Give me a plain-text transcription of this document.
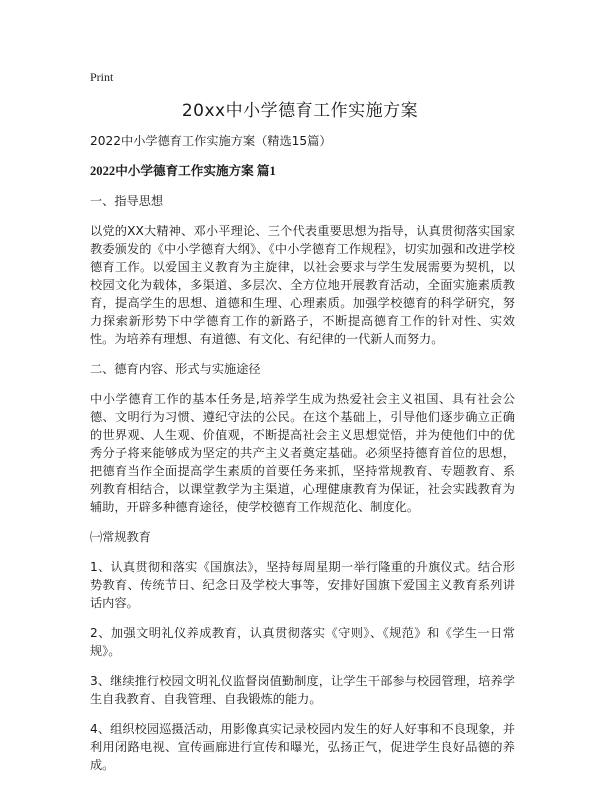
Print
20xx中小学德育工作实施方案

2022中小学德育工作实施方案（精选15篇）

2022中小学德育工作实施方案 篇1

一、指导思想

以党的XX大精神、邓小平理论、三个代表重要思想为指导，认真贯彻落实国家教委颁发的《中小学德育大纲》、《中小学德育工作规程》，切实加强和改进学校德育工作。以爱国主义教育为主旋律，以社会要求与学生发展需要为契机，以校园文化为载体，多渠道、多层次、全方位地开展教育活动，全面实施素质教育，提高学生的思想、道德和生理、心理素质。加强学校德育的科学研究，努力探索新形势下中学德育工作的新路子，不断提高德育工作的针对性、实效性。为培养有理想、有道德、有文化、有纪律的一代新人而努力。

二、德育内容、形式与实施途径

中小学德育工作的基本任务是,培养学生成为热爱社会主义祖国、具有社会公德、文明行为习惯、遵纪守法的公民。在这个基础上，引导他们逐步确立正确的世界观、人生观、价值观，不断提高社会主义思想觉悟，并为使他们中的优秀分子将来能够成为坚定的共产主义者奠定基础。必须坚持德育首位的思想，把德育当作全面提高学生素质的首要任务来抓，坚持常规教育、专题教育、系列教育相结合，以课堂教学为主渠道，心理健康教育为保证，社会实践教育为辅助，开辟多种德育途径，使学校德育工作规范化、制度化。

㈠常规教育

1、认真贯彻和落实《国旗法》，坚持每周星期一举行隆重的升旗仪式。结合形势教育、传统节日、纪念日及学校大事等，安排好国旗下爱国主义教育系列讲话内容。

2、加强文明礼仪养成教育，认真贯彻落实《守则》、《规范》和《学生一日常规》。

3、继续推行校园文明礼仪监督岗值勤制度，让学生干部参与校园管理，培养学生自我教育、自我管理、自我锻炼的能力。

4、组织校园巡摄活动，用影像真实记录校园内发生的好人好事和不良现象，并利用闭路电视、宣传画廊进行宣传和曝光，弘扬正气，促进学生良好品德的养成。
